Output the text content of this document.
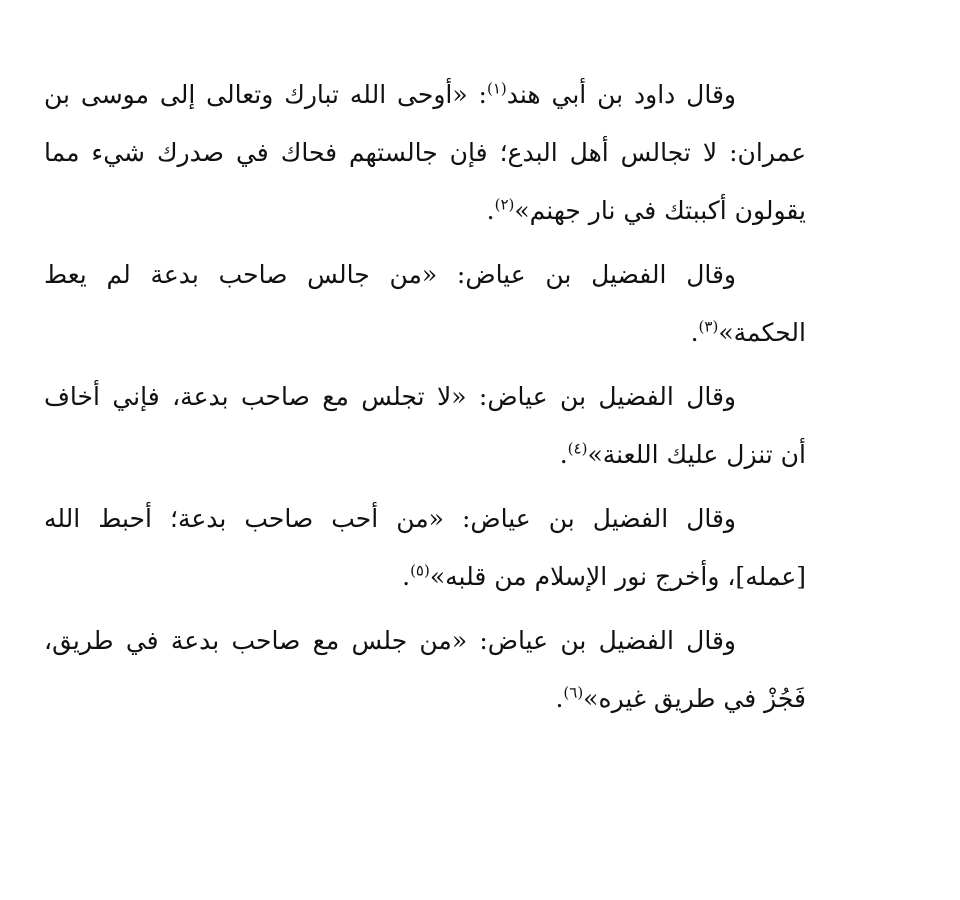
وقال داود بن أبي هند$^{(١)}$: «أوحى الله تبارك وتعالى إلى موسى بن
عمران: لا تجالس أهل البدع؛ فإن جالستهم فحاك في صدرك شيء مما
يقولون أكببتك في نار جهنم»$^{(٢)}$.
وقال الفضيل بن عياض: «من جالس صاحب بدعة لم يعط
الحكمة»$^{(٣)}$.
وقال الفضيل بن عياض: «لا تجلس مع صاحب بدعة، فإني أخاف
أن تنزل عليك اللعنة»$^{(٤)}$.
وقال الفضيل بن عياض: «من أحب صاحب بدعة؛ أحبط الله
[عمله]، وأخرج نور الإسلام من قلبه»$^{(٥)}$.
وقال الفضيل بن عياض: «من جلس مع صاحب بدعة في طريق،
فَجُزْ في طريق غيره»$^{(٦)}$.
